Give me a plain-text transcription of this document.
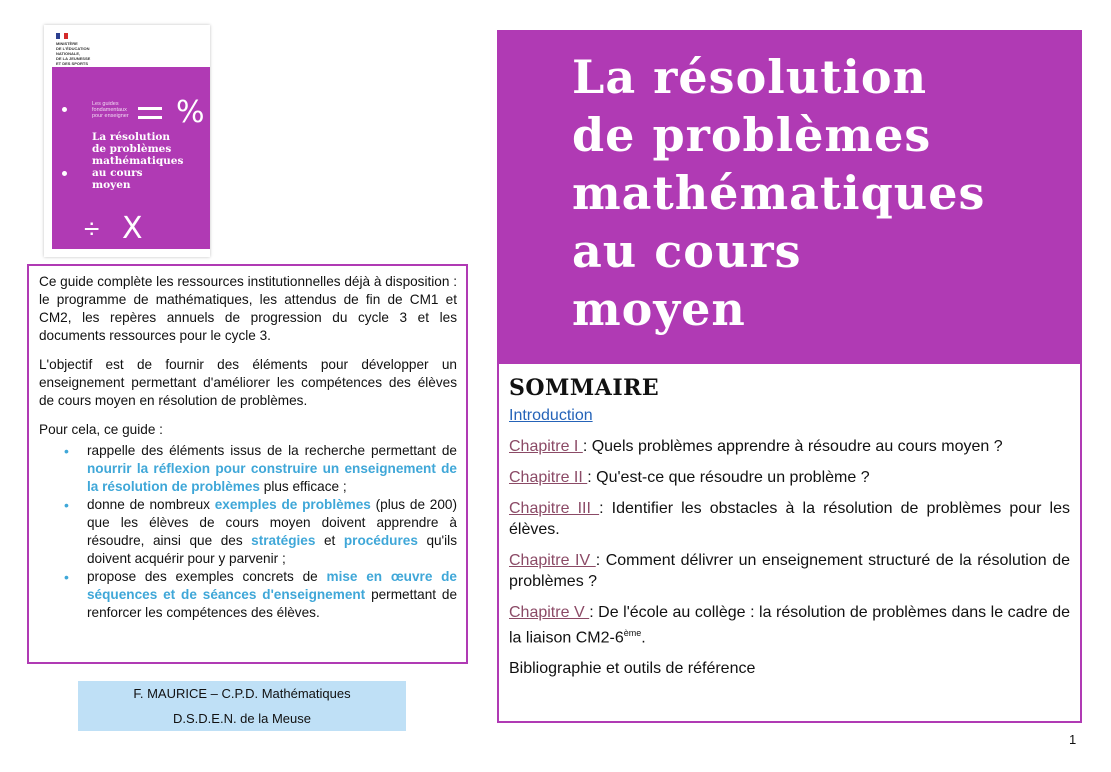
MINISTÈRE
DE L'ÉDUCATION
NATIONALE,
DE LA JEUNESSE
ET DES SPORTS
Les guides fondamentaux pour enseigner %
La résolution
de problèmes
mathématiques
au cours
moyen
÷ X

Ce guide complète les ressources institutionnelles déjà à disposition : le programme de mathématiques, les attendus de fin de CM1 et CM2, les repères annuels de progression du cycle 3 et les documents ressources pour le cycle 3.

L'objectif est de fournir des éléments pour développer un enseignement permettant d'améliorer les compétences des élèves de cours moyen en résolution de problèmes.

Pour cela, ce guide :

• rappelle des éléments issus de la recherche permettant de nourrir la réflexion pour construire un enseignement de la résolution de problèmes plus efficace ;
• donne de nombreux exemples de problèmes (plus de 200) que les élèves de cours moyen doivent apprendre à résoudre, ainsi que des stratégies et procédures qu'ils doivent acquérir pour y parvenir ;
• propose des exemples concrets de mise en œuvre de séquences et de séances d'enseignement permettant de renforcer les compétences des élèves.
F. MAURICE – C.P.D. Mathématiques
D.S.D.E.N. de la Meuse
La résolution
de problèmes
mathématiques
au cours
moyen
SOMMAIRE
Introduction
Chapitre I : Quels problèmes apprendre à résoudre au cours moyen ?
Chapitre II : Qu'est-ce que résoudre un problème ?
Chapitre III : Identifier les obstacles à la résolution de problèmes pour les élèves.
Chapitre IV : Comment délivrer un enseignement structuré de la résolution de problèmes ?
Chapitre V : De l'école au collège : la résolution de problèmes dans le cadre de la liaison CM2-6ème.
Bibliographie et outils de référence
1
